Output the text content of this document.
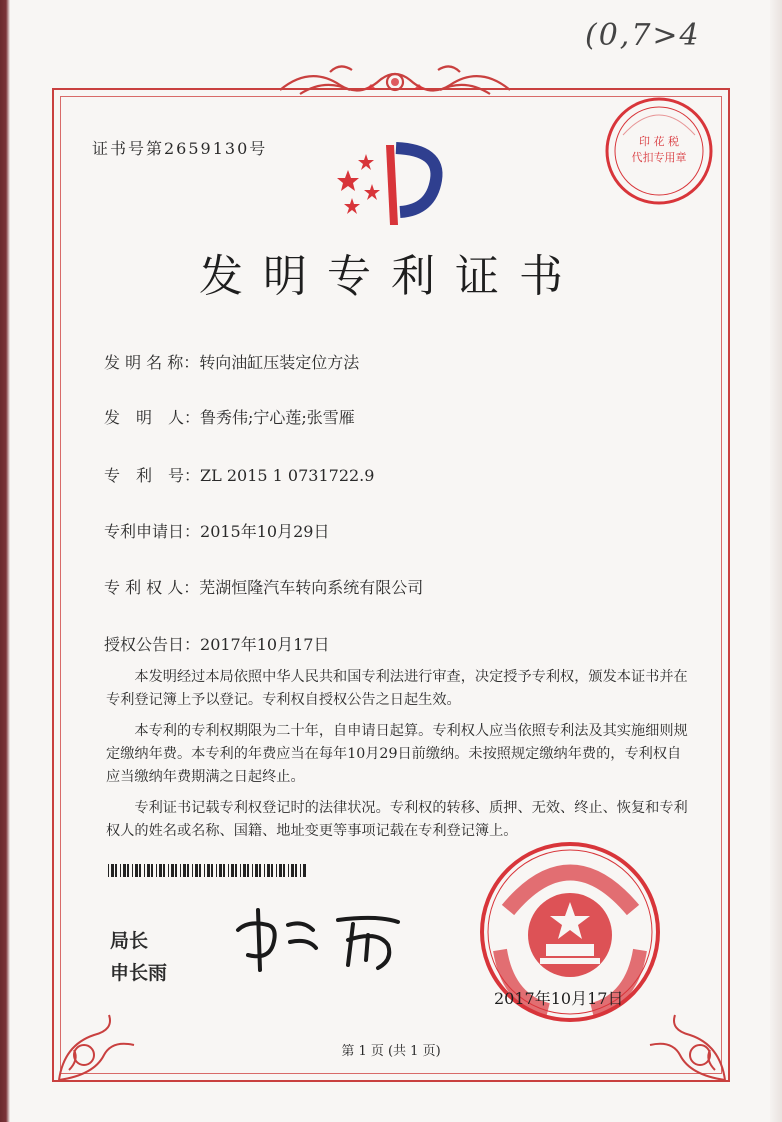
(0,7>4
印 花 税
代扣专用章
证书号第2659130号
发明专利证书
发 明 名 称：转向油缸压装定位方法
发　明　人：鲁秀伟;宁心莲;张雪雁
专　利　号：ZL 2015 1 0731722.9
专利申请日：2015年10月29日
专 利 权 人：芜湖恒隆汽车转向系统有限公司
授权公告日：2017年10月17日

本发明经过本局依照中华人民共和国专利法进行审查，决定授予专利权，颁发本证书并在专利登记簿上予以登记。专利权自授权公告之日起生效。

本专利的专利权期限为二十年，自申请日起算。专利权人应当依照专利法及其实施细则规定缴纳年费。本专利的年费应当在每年10月29日前缴纳。未按照规定缴纳年费的，专利权自应当缴纳年费期满之日起终止。

专利证书记载专利权登记时的法律状况。专利权的转移、质押、无效、终止、恢复和专利权人的姓名或名称、国籍、地址变更等事项记载在专利登记簿上。

局长
申长雨
2017年10月17日
第 1 页 (共 1 页)
